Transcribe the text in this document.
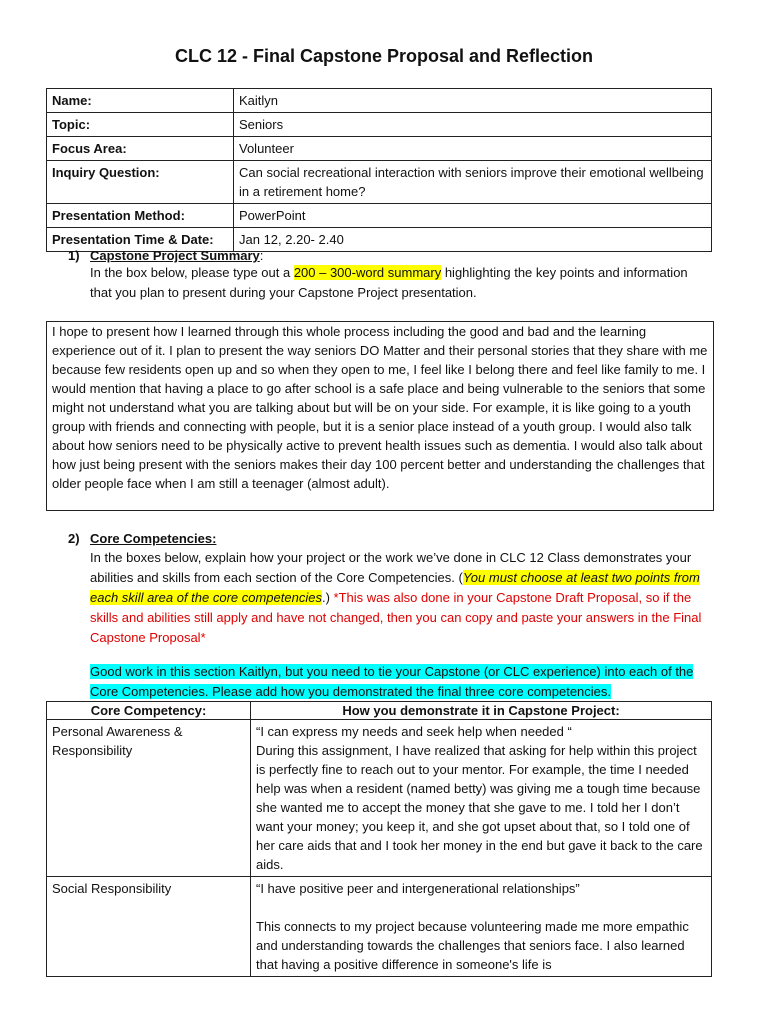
CLC 12 - Final Capstone Proposal and Reflection
Name:	Kaitlyn
Topic:	Seniors
Focus Area:	Volunteer
Inquiry Question:	Can social recreational interaction with seniors improve their emotional wellbeing in a retirement home?
Presentation Method:	PowerPoint
Presentation Time & Date:	Jan 12, 2.20- 2.40
1) Capstone Project Summary:
In the box below, please type out a 200 – 300-word summary highlighting the key points and information that you plan to present during your Capstone Project presentation.
I hope to present how I learned through this whole process including the good and bad and the learning experience out of it. I plan to present the way seniors DO Matter and their personal stories that they share with me because few residents open up and so when they open to me, I feel like I belong there and feel like family to me. I would mention that having a place to go after school is a safe place and being vulnerable to the seniors that some might not understand what you are talking about but will be on your side. For example, it is like going to a youth group with friends and connecting with people, but it is a senior place instead of a youth group. I would also talk about how seniors need to be physically active to prevent health issues such as dementia. I would also talk about how just being present with the seniors makes their day 100 percent better and understanding the challenges that older people face when I am still a teenager (almost adult).
2) Core Competencies:
In the boxes below, explain how your project or the work we’ve done in CLC 12 Class demonstrates your abilities and skills from each section of the Core Competencies. (You must choose at least two points from each skill area of the core competencies.) *This was also done in your Capstone Draft Proposal, so if the skills and abilities still apply and have not changed, then you can copy and paste your answers in the Final Capstone Proposal*
Good work in this section Kaitlyn, but you need to tie your Capstone (or CLC experience) into each of the Core Competencies. Please add how you demonstrated the final three core competencies.
Core Competency:	How you demonstrate it in Capstone Project:
Personal Awareness & Responsibility	“I can express my needs and seek help when needed “
During this assignment, I have realized that asking for help within this project is perfectly fine to reach out to your mentor. For example, the time I needed help was when a resident (named betty) was giving me a tough time because she wanted me to accept the money that she gave to me. I told her I don’t want your money; you keep it, and she got upset about that, so I told one of her care aids that and I took her money in the end but gave it back to the care aids.

Social Responsibility	“I have positive peer and intergenerational relationships”
This connects to my project because volunteering made me more empathic and understanding towards the challenges that seniors face. I also learned that having a positive difference in someone's life is
